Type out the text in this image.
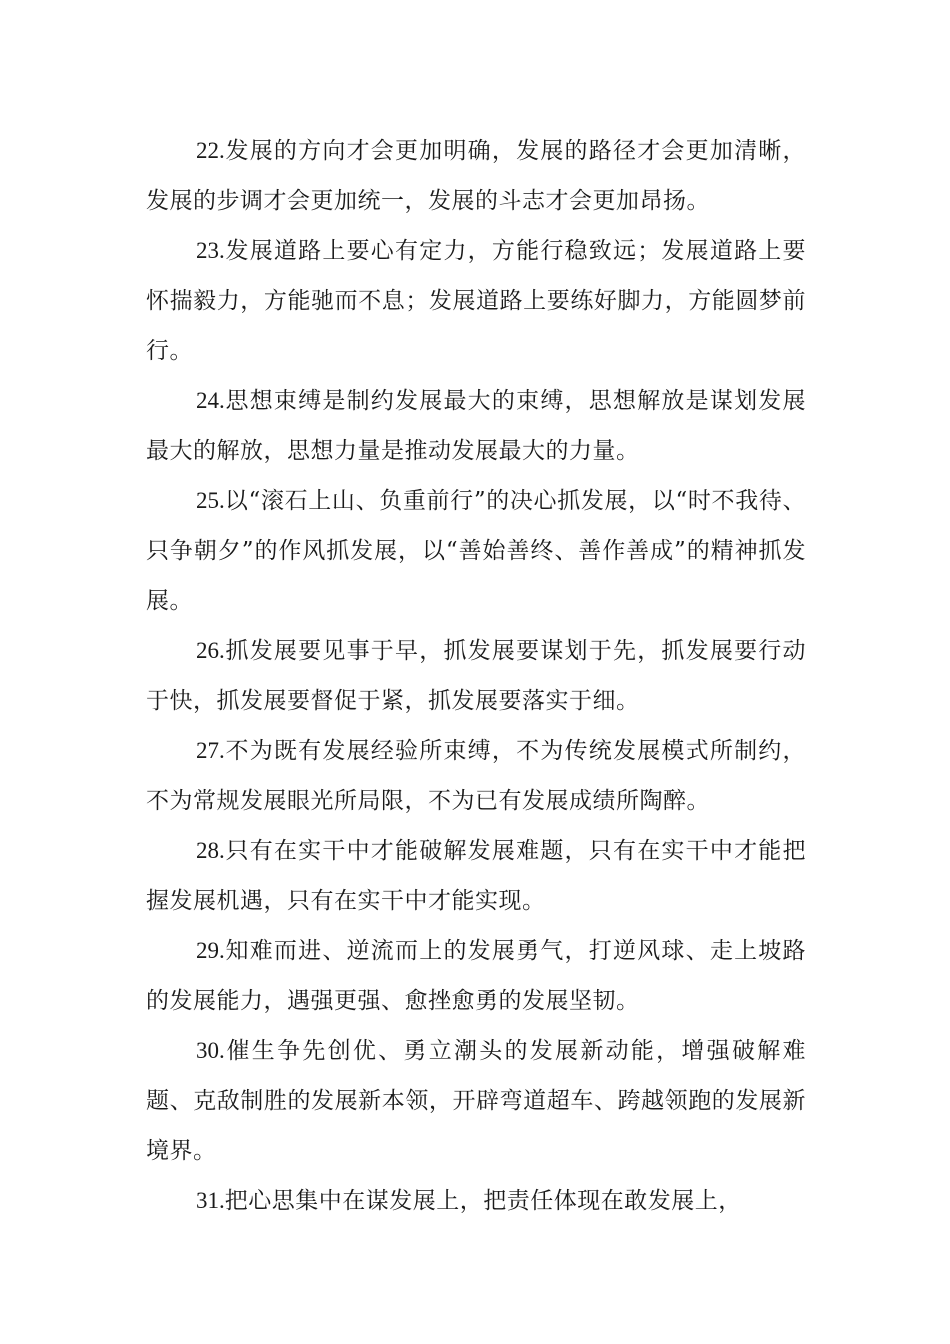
22.发展的方向才会更加明确，发展的路径才会更加清晰，发展的步调才会更加统一，发展的斗志才会更加昂扬。

23.发展道路上要心有定力，方能行稳致远；发展道路上要怀揣毅力，方能驰而不息；发展道路上要练好脚力，方能圆梦前行。

24.思想束缚是制约发展最大的束缚，思想解放是谋划发展最大的解放，思想力量是推动发展最大的力量。

25.以“滚石上山、负重前行”的决心抓发展，以“时不我待、只争朝夕”的作风抓发展，以“善始善终、善作善成”的精神抓发展。

26.抓发展要见事于早，抓发展要谋划于先，抓发展要行动于快，抓发展要督促于紧，抓发展要落实于细。

27.不为既有发展经验所束缚，不为传统发展模式所制约，不为常规发展眼光所局限，不为已有发展成绩所陶醉。

28.只有在实干中才能破解发展难题，只有在实干中才能把握发展机遇，只有在实干中才能实现。

29.知难而进、逆流而上的发展勇气，打逆风球、走上坡路的发展能力，遇强更强、愈挫愈勇的发展坚韧。

30.催生争先创优、勇立潮头的发展新动能，增强破解难题、克敌制胜的发展新本领，开辟弯道超车、跨越领跑的发展新境界。

31.把心思集中在谋发展上，把责任体现在敢发展上，
